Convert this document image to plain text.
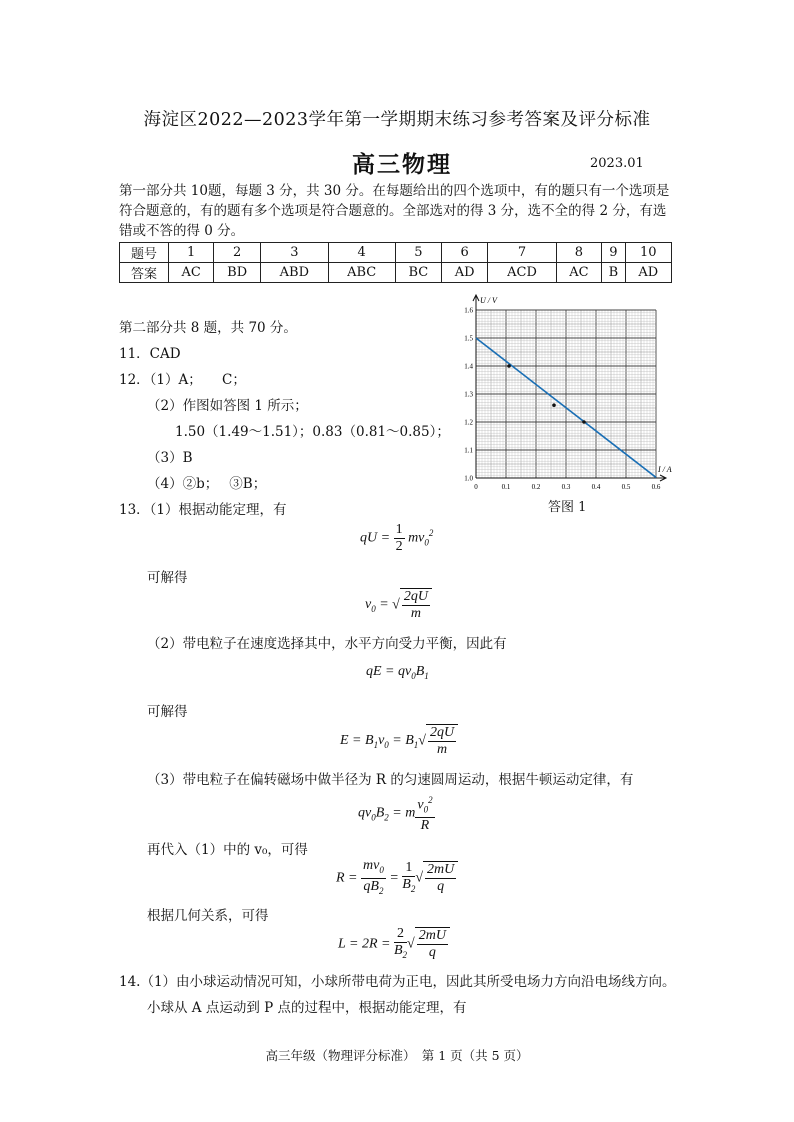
海淀区2022—2023学年第一学期期末练习参考答案及评分标准
高三物理	2023.01
第一部分共 10题，每题 3 分，共 30 分。在每题给出的四个选项中，有的题只有一个选项是符合题意的，有的题有多个选项是符合题意的。全部选对的得 3 分，选不全的得 2 分，有选错或不答的得 0 分。
题号	1	2	3	4	5	6	7	8	9	10
答案	AC	BD	ABD	ABC	BC	AD	ACD	AC	B	AD
第二部分共 8 题，共 70 分。
11．CAD
12．（1）A；　　C；
（2）作图如答图 1 所示；
1.50（1.49～1.51）；0.83（0.81～0.85）；
（3）B
（4）②b；　 ③B；
13．（1）根据动能定理，有
qU = $\frac{1}{2} mv_0^2$
可解得
$v_0$ = √ $\frac{2qU}{m}$
（2）带电粒子在速度选择其中，水平方向受力平衡，因此有
qE = $qv_0B_1$
可解得
$E = B_1v_0 = B_1√ \frac{2qU}{m}$
（3）带电粒子在偏转磁场中做半径为 R 的匀速圆周运动，根据牛顿运动定律，有
$qv_0B_2 = m \frac{v_0^2}{R}$
再代入（1）中的 v₀，可得
$R = \frac{mv_0}{qB_2} = \frac{1}{B_2}$ √ $\frac{2mU}{q}$
根据几何关系，可得
$L = 2R = \frac{2}{B_2}$ √ $\frac{2mU}{q}$
14.（1）由小球运动情况可知，小球所带电荷为正电，因此其所受电场力方向沿电场线方向。
小球从 A 点运动到 P 点的过程中，根据动能定理，有
U / V
I / A
0	0.1	0.2	0.3	0.4	0.5	0.6
1.0
1.1
1.2
1.3
1.4
1.5
1.6
答图 1
高三年级（物理评分标准）　第 1 页（共 5 页）
